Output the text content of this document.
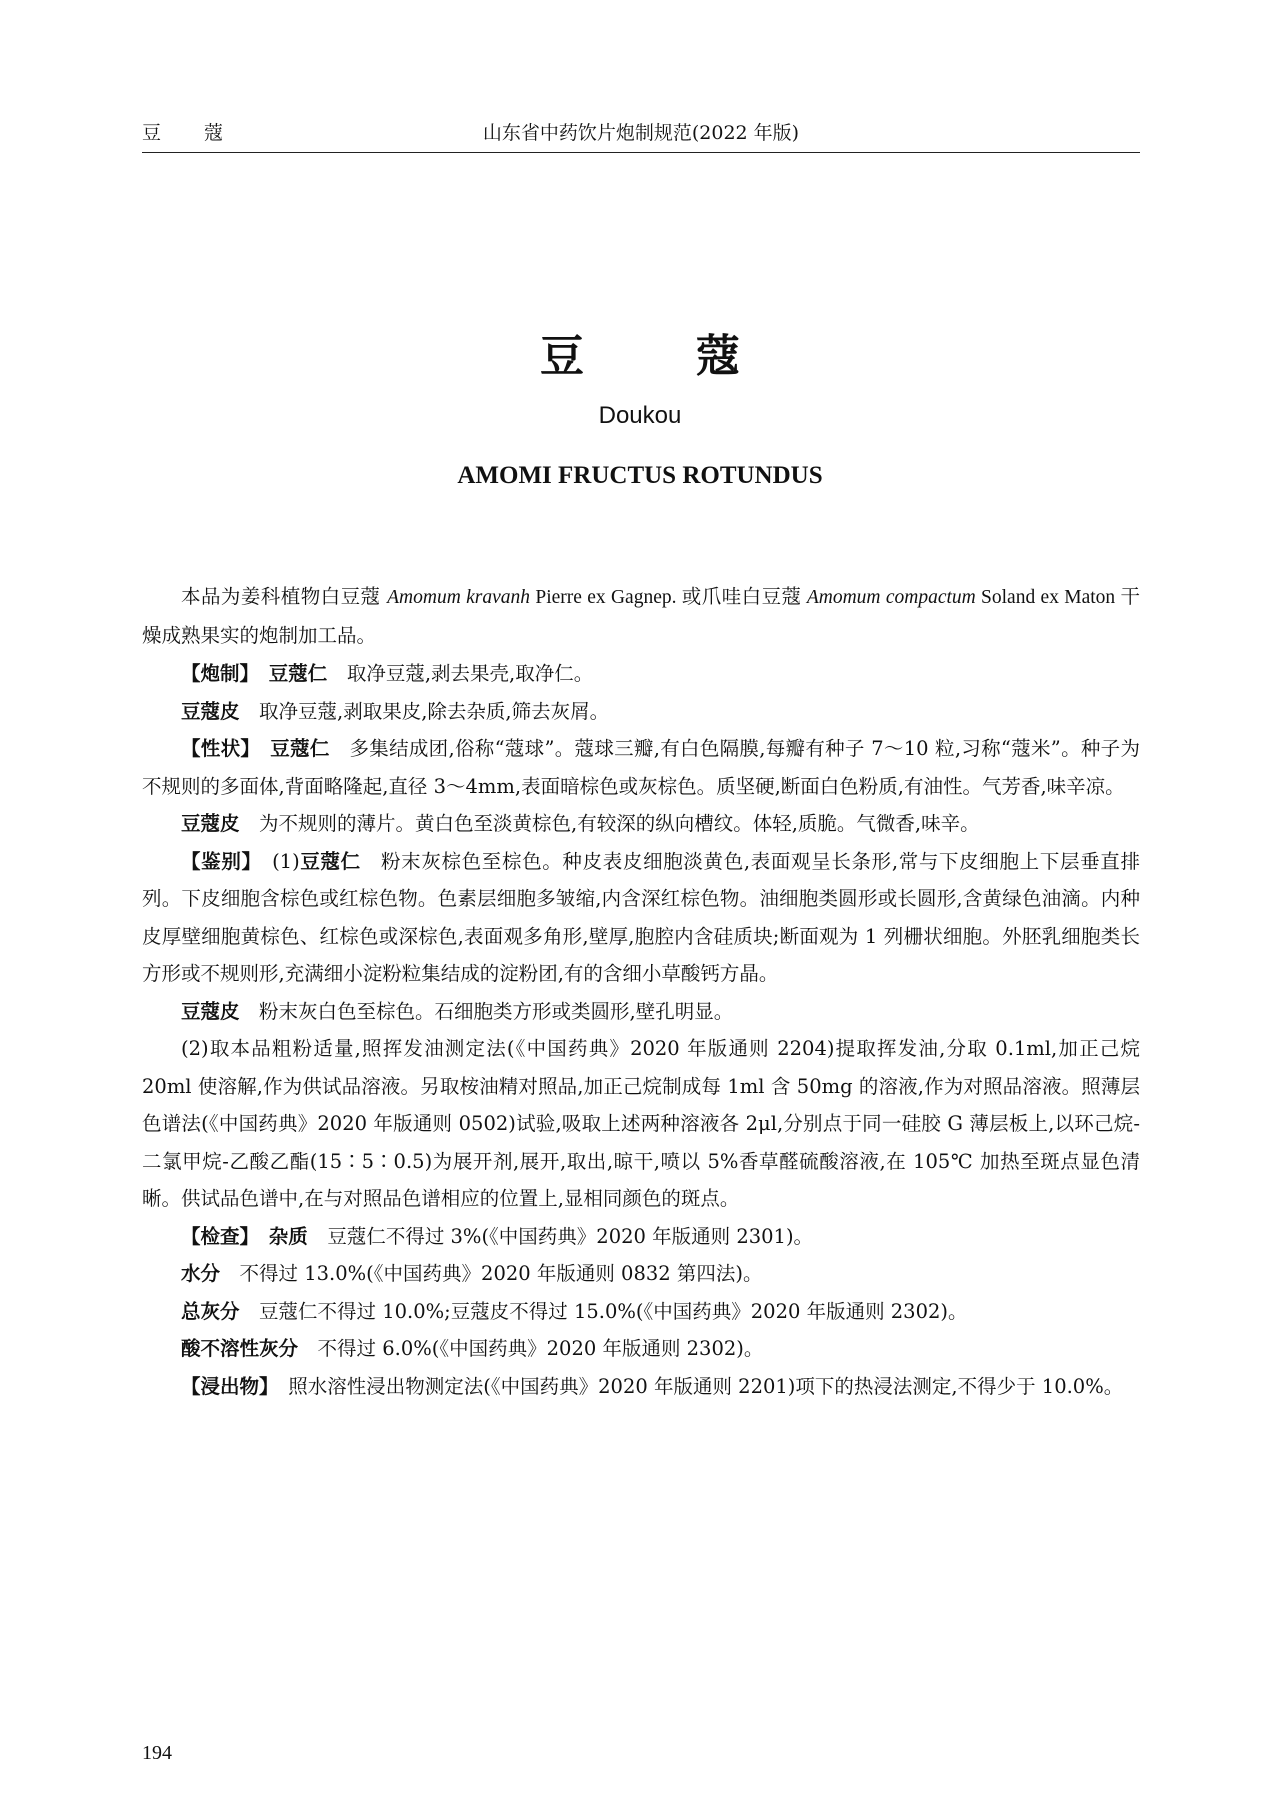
豆　蔻	山东省中药饮片炮制规范(2022 年版)
豆　蔻
Doukou
AMOMI FRUCTUS ROTUNDUS

本品为姜科植物白豆蔻 Amomum kravanh Pierre ex Gagnep. 或爪哇白豆蔻 Amomum compactum Soland ex Maton 干燥成熟果实的炮制加工品。

【炮制】　 豆蔻仁　 取净豆蔻,剥去果壳,取净仁。

豆蔻皮　 取净豆蔻,剥取果皮,除去杂质,筛去灰屑。

【性状】　 豆蔻仁　 多集结成团,俗称“蔻球”。蔻球三瓣,有白色隔膜,每瓣有种子 7～10 粒,习称“蔻米”。种子为不规则的多面体,背面略隆起,直径 3～4mm,表面暗棕色或灰棕色。质坚硬,断面白色粉质,有油性。气芳香,味辛凉。

豆蔻皮　 为不规则的薄片。黄白色至淡黄棕色,有较深的纵向槽纹。体轻,质脆。气微香,味辛。

【鉴别】　 (1)豆蔻仁　 粉末灰棕色至棕色。种皮表皮细胞淡黄色,表面观呈长条形,常与下皮细胞上下层垂直排列。下皮细胞含棕色或红棕色物。色素层细胞多皱缩,内含深红棕色物。油细胞类圆形或长圆形,含黄绿色油滴。内种皮厚壁细胞黄棕色、红棕色或深棕色,表面观多角形,壁厚,胞腔内含硅质块;断面观为 1 列栅状细胞。外胚乳细胞类长方形或不规则形,充满细小淀粉粒集结成的淀粉团,有的含细小草酸钙方晶。

豆蔻皮　 粉末灰白色至棕色。石细胞类方形或类圆形,壁孔明显。

(2)取本品粗粉适量,照挥发油测定法(《中国药典》2020 年版通则 2204)提取挥发油,分取 0.1ml,加正己烷 20ml 使溶解,作为供试品溶液。另取桉油精对照品,加正己烷制成每 1ml 含 50mg 的溶液,作为对照品溶液。照薄层色谱法(《中国药典》2020 年版通则 0502)试验,吸取上述两种溶液各 2μl,分别点于同一硅胶 G 薄层板上,以环己烷-二氯甲烷-乙酸乙酯(15∶5∶0.5)为展开剂,展开,取出,晾干,喷以 5%香草醛硫酸溶液,在 105℃ 加热至斑点显色清晰。供试品色谱中,在与对照品色谱相应的位置上,显相同颜色的斑点。

【检查】　 杂质　 豆蔻仁不得过 3%(《中国药典》2020 年版通则 2301)。

水分　 不得过 13.0%(《中国药典》2020 年版通则 0832 第四法)。

总灰分　 豆蔻仁不得过 10.0%;豆蔻皮不得过 15.0%(《中国药典》2020 年版通则 2302)。

酸不溶性灰分　 不得过 6.0%(《中国药典》2020 年版通则 2302)。

【浸出物】　 照水溶性浸出物测定法(《中国药典》2020 年版通则 2201)项下的热浸法测定,不得少于 10.0%。

194
